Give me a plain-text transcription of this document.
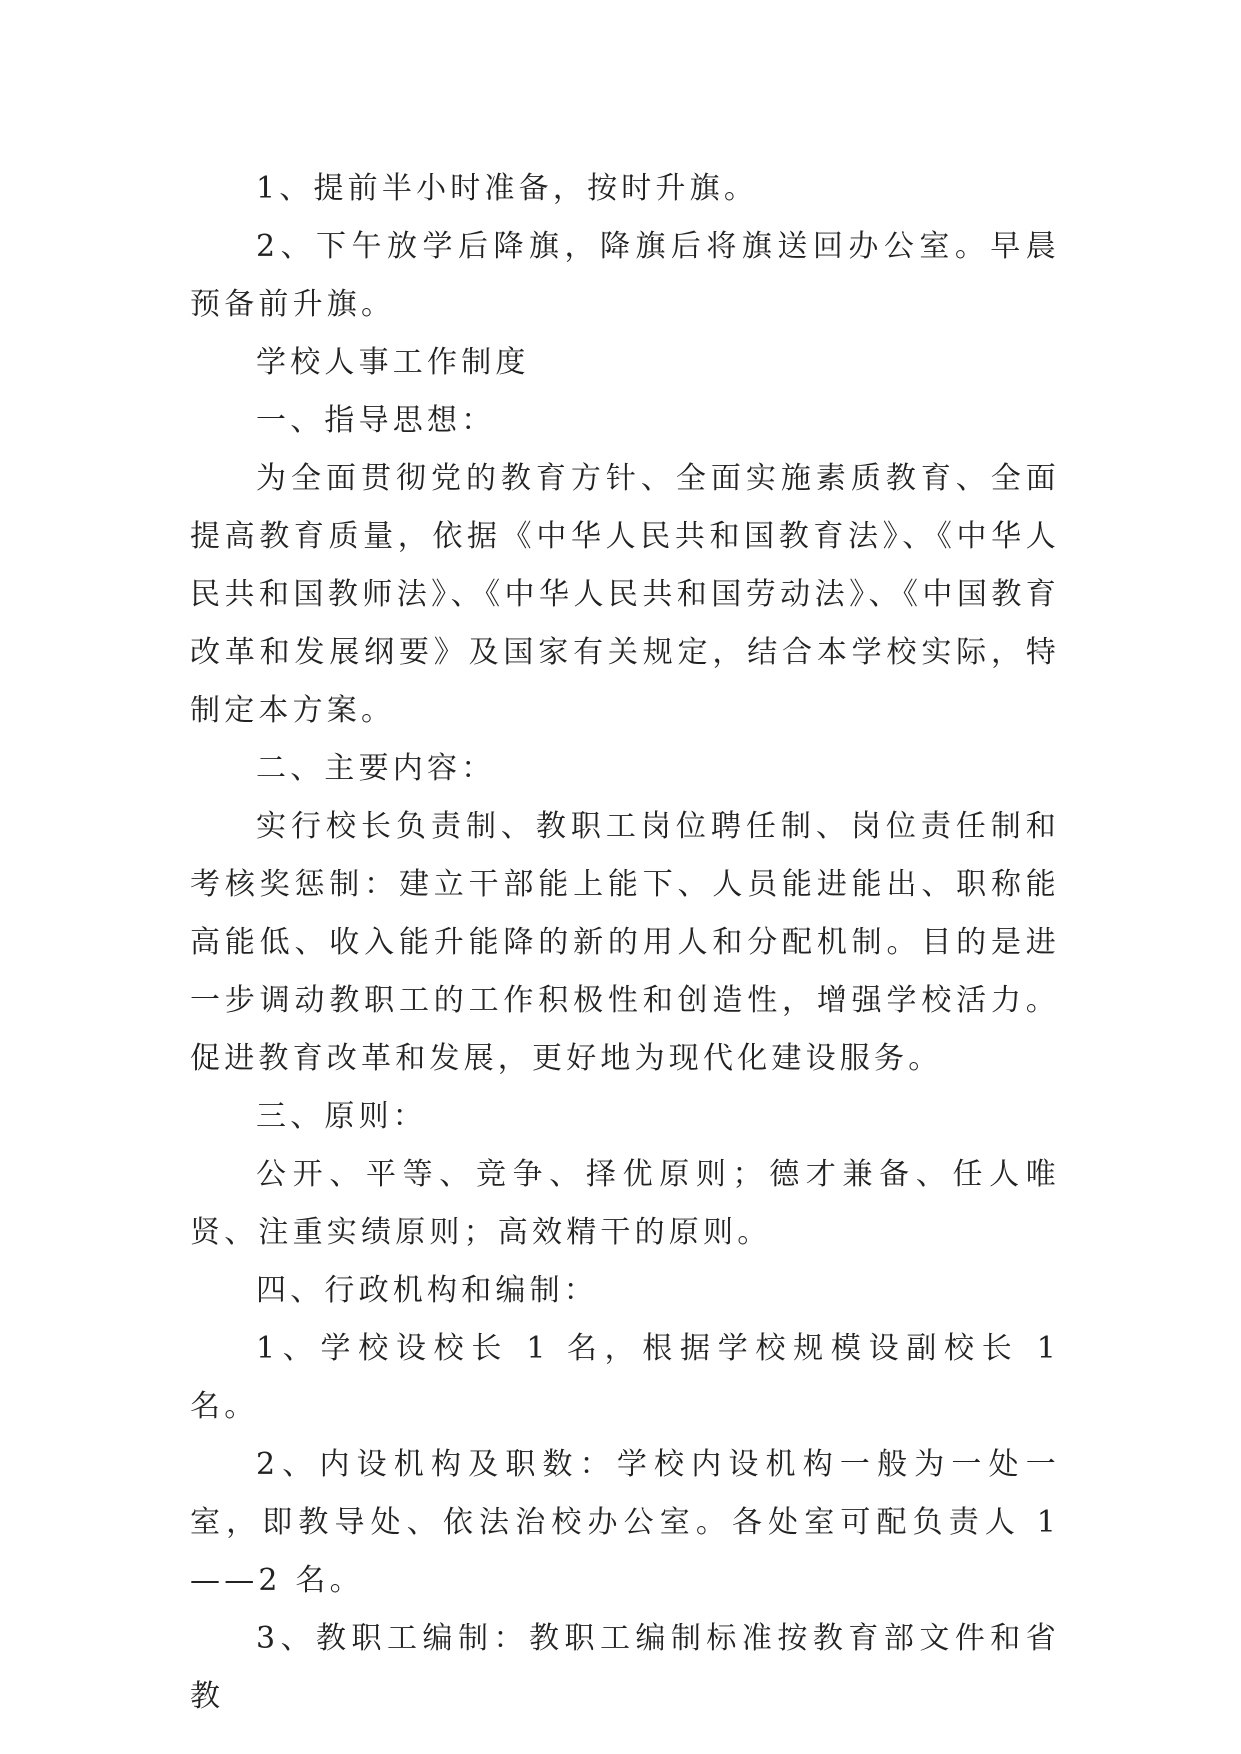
1、提前半小时准备，按时升旗。

2、下午放学后降旗，降旗后将旗送回办公室。早晨预备前升旗。

学校人事工作制度

一、指导思想：

为全面贯彻党的教育方针、全面实施素质教育、全面提高教育质量，依据《中华人民共和国教育法》、《中华人民共和国教师法》、《中华人民共和国劳动法》、《中国教育改革和发展纲要》及国家有关规定，结合本学校实际，特制定本方案。

二、主要内容：

实行校长负责制、教职工岗位聘任制、岗位责任制和考核奖惩制：建立干部能上能下、人员能进能出、职称能高能低、收入能升能降的新的用人和分配机制。目的是进一步调动教职工的工作积极性和创造性，增强学校活力。促进教育改革和发展，更好地为现代化建设服务。

三、原则：

公开、平等、竞争、择优原则；德才兼备、任人唯贤、注重实绩原则；高效精干的原则。

四、行政机构和编制：

1、学校设校长 1 名，根据学校规模设副校长 1 名。

2、内设机构及职数：学校内设机构一般为一处一室，即教导处、依法治校办公室。各处室可配负责人 1——2 名。

3、教职工编制：教职工编制标准按教育部文件和省教
